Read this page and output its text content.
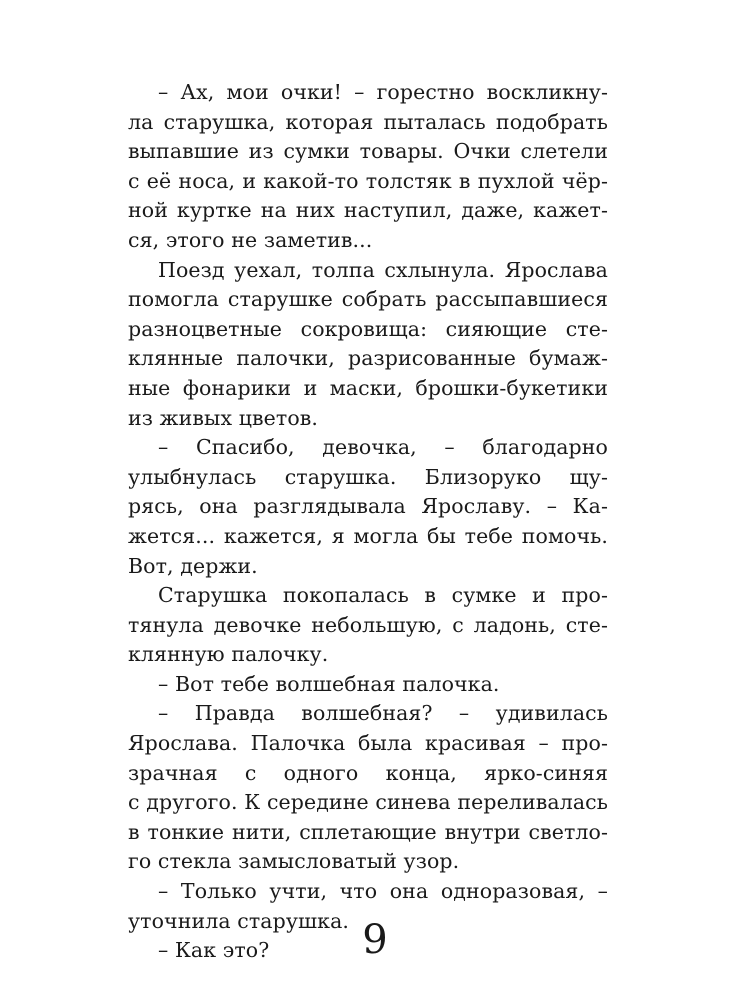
– Ах, мои очки! – горестно воскликну-
ла старушка, которая пыталась подобрать
выпавшие из сумки товары. Очки слетели
с её носа, и какой-то толстяк в пухлой чёр-
ной куртке на них наступил, даже, кажет-
ся, этого не заметив...

Поезд уехал, толпа схлынула. Ярослава
помогла старушке собрать рассыпавшиеся
разноцветные сокровища: сияющие сте-
клянные палочки, разрисованные бумаж-
ные фонарики и маски, брошки-букетики
из живых цветов.

– Спасибо, девочка, – благодарно
улыбнулась старушка. Близоруко щу-
рясь, она разглядывала Ярославу. – Ка-
жется... кажется, я могла бы тебе помочь.
Вот, держи.

Старушка покопалась в сумке и про-
тянула девочке небольшую, с ладонь, сте-
клянную палочку.

– Вот тебе волшебная палочка.

– Правда волшебная? – удивилась
Ярослава. Палочка была красивая – про-
зрачная с одного конца, ярко-синяя
с другого. К середине синева переливалась
в тонкие нити, сплетающие внутри светло-
го стекла замысловатый узор.

– Только учти, что она одноразовая, –
уточнила старушка.

– Как это?	9
